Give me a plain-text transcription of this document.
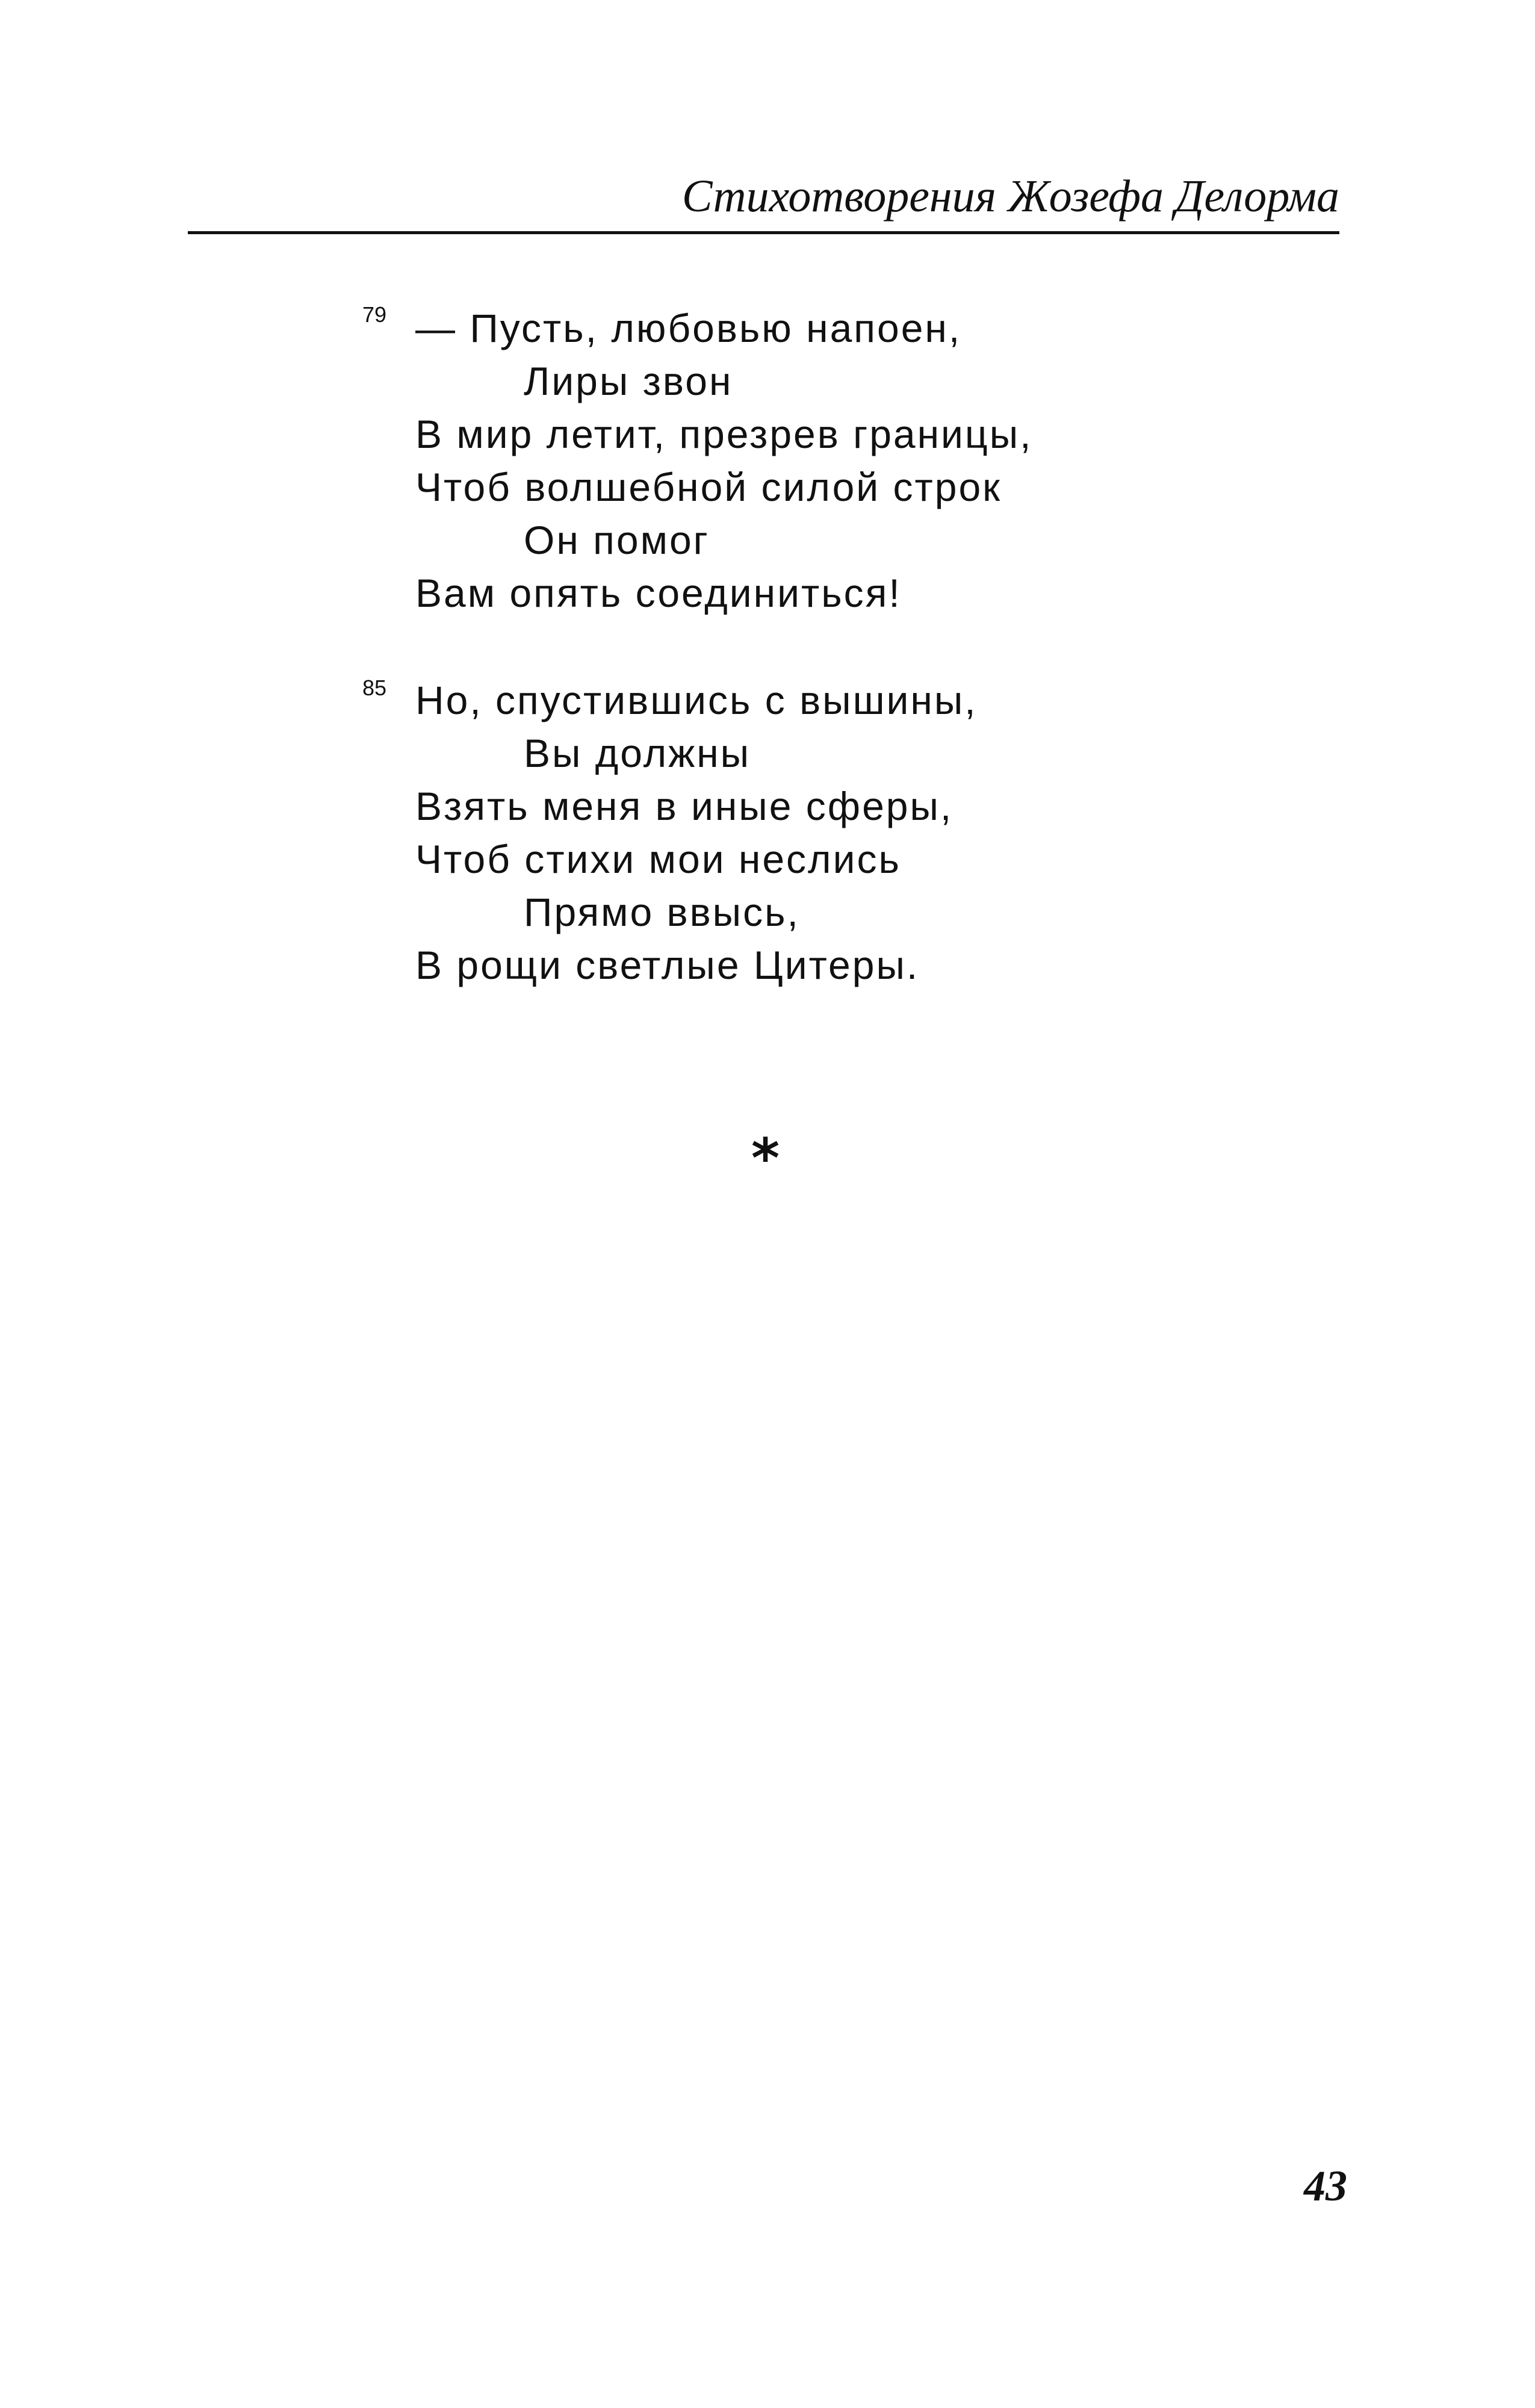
Стихотворения Жозефа Делорма
79 — Пусть, любовью напоен,
Лиры звон
В мир летит, презрев границы,
Чтоб волшебной силой строк
Он помог
Вам опять соединиться!
85 Но, спустившись с вышины,
Вы должны
Взять меня в иные сферы,
Чтоб стихи мои неслись
Прямо ввысь,
В рощи светлые Цитеры.
*
43
